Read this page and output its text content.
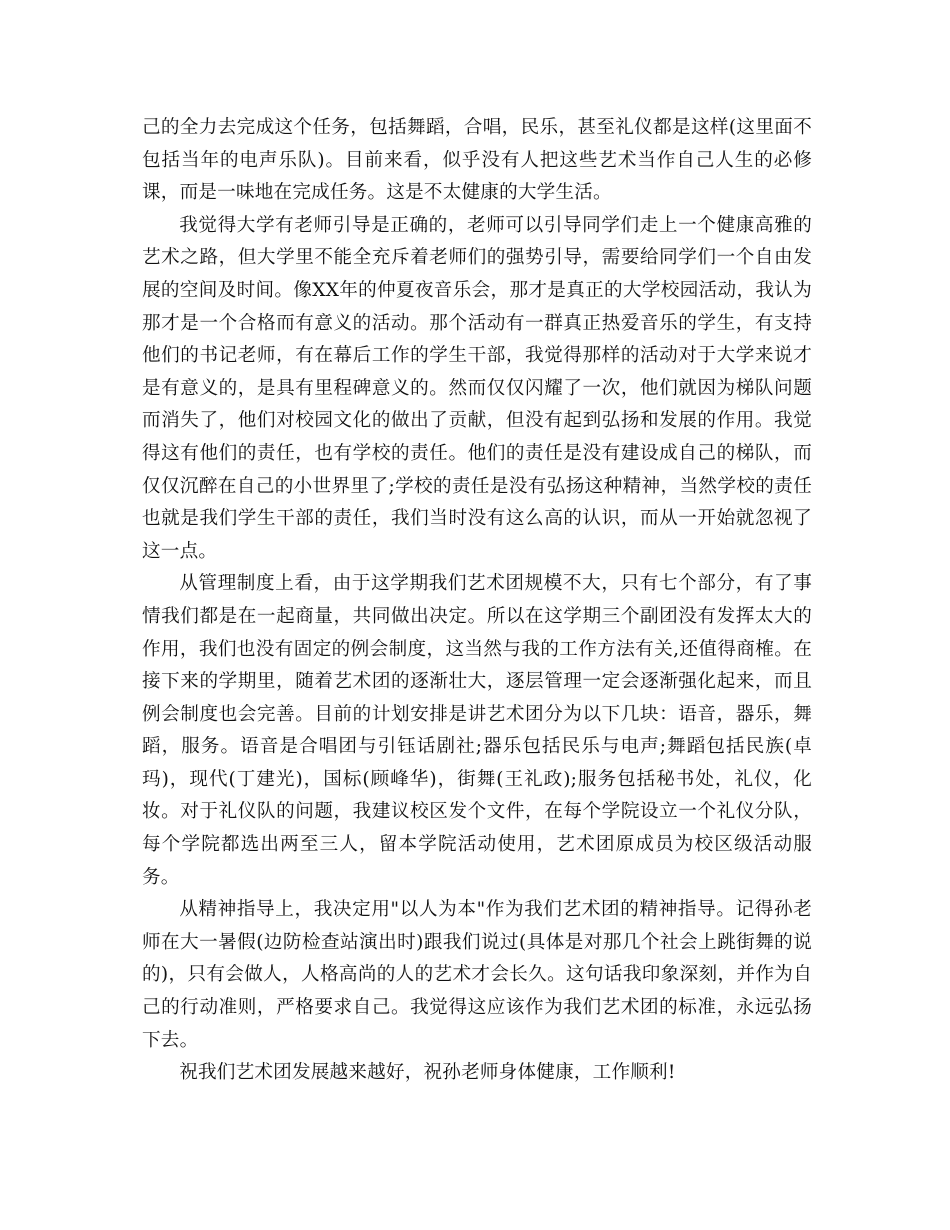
己的全力去完成这个任务，包括舞蹈，合唱，民乐，甚至礼仪都是这样(这里面不包括当年的电声乐队)。目前来看，似乎没有人把这些艺术当作自己人生的必修课，而是一味地在完成任务。这是不太健康的大学生活。

我觉得大学有老师引导是正确的，老师可以引导同学们走上一个健康高雅的艺术之路，但大学里不能全充斥着老师们的强势引导，需要给同学们一个自由发展的空间及时间。像XX年的仲夏夜音乐会，那才是真正的大学校园活动，我认为那才是一个合格而有意义的活动。那个活动有一群真正热爱音乐的学生，有支持他们的书记老师，有在幕后工作的学生干部，我觉得那样的活动对于大学来说才是有意义的，是具有里程碑意义的。然而仅仅闪耀了一次，他们就因为梯队问题而消失了，他们对校园文化的做出了贡献，但没有起到弘扬和发展的作用。我觉得这有他们的责任，也有学校的责任。他们的责任是没有建设成自己的梯队，而仅仅沉醉在自己的小世界里了;学校的责任是没有弘扬这种精神，当然学校的责任也就是我们学生干部的责任，我们当时没有这么高的认识，而从一开始就忽视了这一点。

从管理制度上看，由于这学期我们艺术团规模不大，只有七个部分，有了事情我们都是在一起商量，共同做出决定。所以在这学期三个副团没有发挥太大的作用，我们也没有固定的例会制度，这当然与我的工作方法有关,还值得商榷。在接下来的学期里，随着艺术团的逐渐壮大，逐层管理一定会逐渐强化起来，而且例会制度也会完善。目前的计划安排是讲艺术团分为以下几块：语音，器乐，舞蹈，服务。语音是合唱团与引钰话剧社;器乐包括民乐与电声;舞蹈包括民族(卓玛)，现代(丁建光)，国标(顾峰华)，街舞(王礼政);服务包括秘书处，礼仪，化妆。对于礼仪队的问题，我建议校区发个文件，在每个学院设立一个礼仪分队，每个学院都选出两至三人，留本学院活动使用，艺术团原成员为校区级活动服务。

从精神指导上，我决定用"以人为本"作为我们艺术团的精神指导。记得孙老师在大一暑假(边防检查站演出时)跟我们说过(具体是对那几个社会上跳街舞的说的)，只有会做人，人格高尚的人的艺术才会长久。这句话我印象深刻，并作为自己的行动准则，严格要求自己。我觉得这应该作为我们艺术团的标准，永远弘扬下去。

祝我们艺术团发展越来越好，祝孙老师身体健康，工作顺利!
